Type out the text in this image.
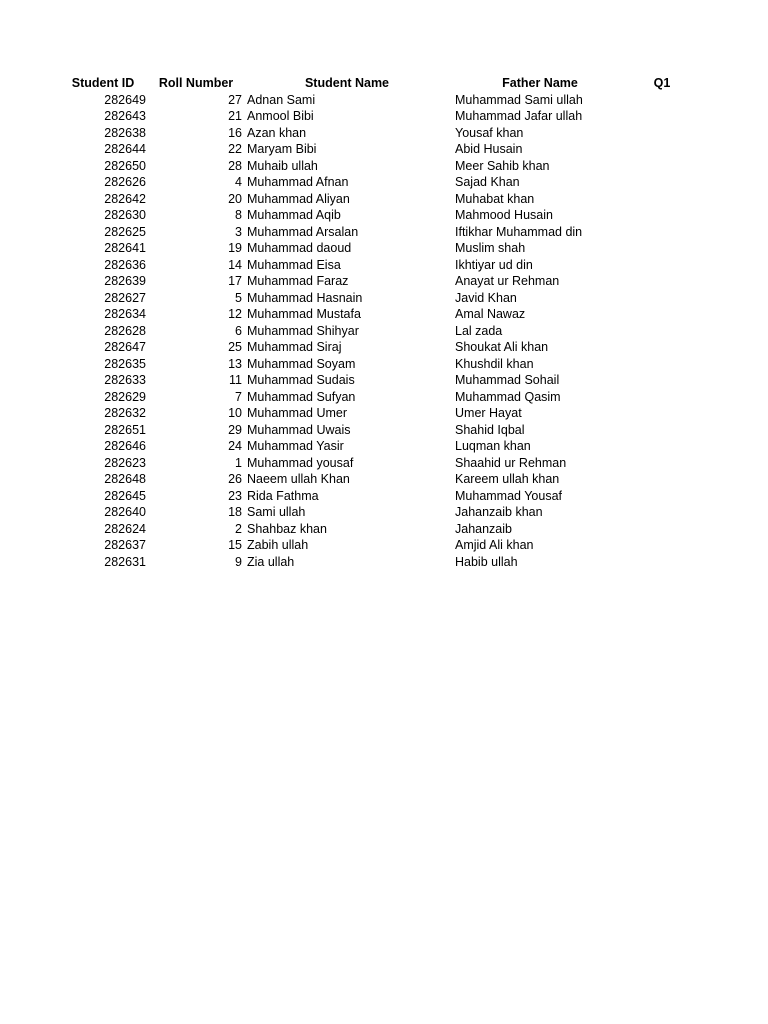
Student ID	Roll Number	Student Name	Father Name	Q1
282649	27 Adnan Sami	Muhammad Sami ullah
282643	21 Anmool Bibi	Muhammad Jafar ullah
282638	16 Azan khan	Yousaf khan
282644	22 Maryam Bibi	Abid Husain
282650	28 Muhaib ullah	Meer Sahib khan
282626	4 Muhammad Afnan	Sajad Khan
282642	20 Muhammad Aliyan	Muhabat khan
282630	8 Muhammad Aqib	Mahmood Husain
282625	3 Muhammad Arsalan	Iftikhar Muhammad din
282641	19 Muhammad daoud	Muslim shah
282636	14 Muhammad Eisa	Ikhtiyar ud din
282639	17 Muhammad Faraz	Anayat ur Rehman
282627	5 Muhammad Hasnain	Javid Khan
282634	12 Muhammad Mustafa	Amal Nawaz
282628	6 Muhammad Shihyar	Lal zada
282647	25 Muhammad Siraj	Shoukat Ali khan
282635	13 Muhammad Soyam	Khushdil khan
282633	11 Muhammad Sudais	Muhammad Sohail
282629	7 Muhammad Sufyan	Muhammad Qasim
282632	10 Muhammad Umer	Umer Hayat
282651	29 Muhammad Uwais	Shahid Iqbal
282646	24 Muhammad Yasir	Luqman khan
282623	1 Muhammad yousaf	Shaahid ur Rehman
282648	26 Naeem ullah Khan	Kareem ullah khan
282645	23 Rida Fathma	Muhammad Yousaf
282640	18 Sami ullah	Jahanzaib khan
282624	2 Shahbaz khan	Jahanzaib
282637	15 Zabih ullah	Amjid Ali khan
282631	9 Zia ullah	Habib ullah
